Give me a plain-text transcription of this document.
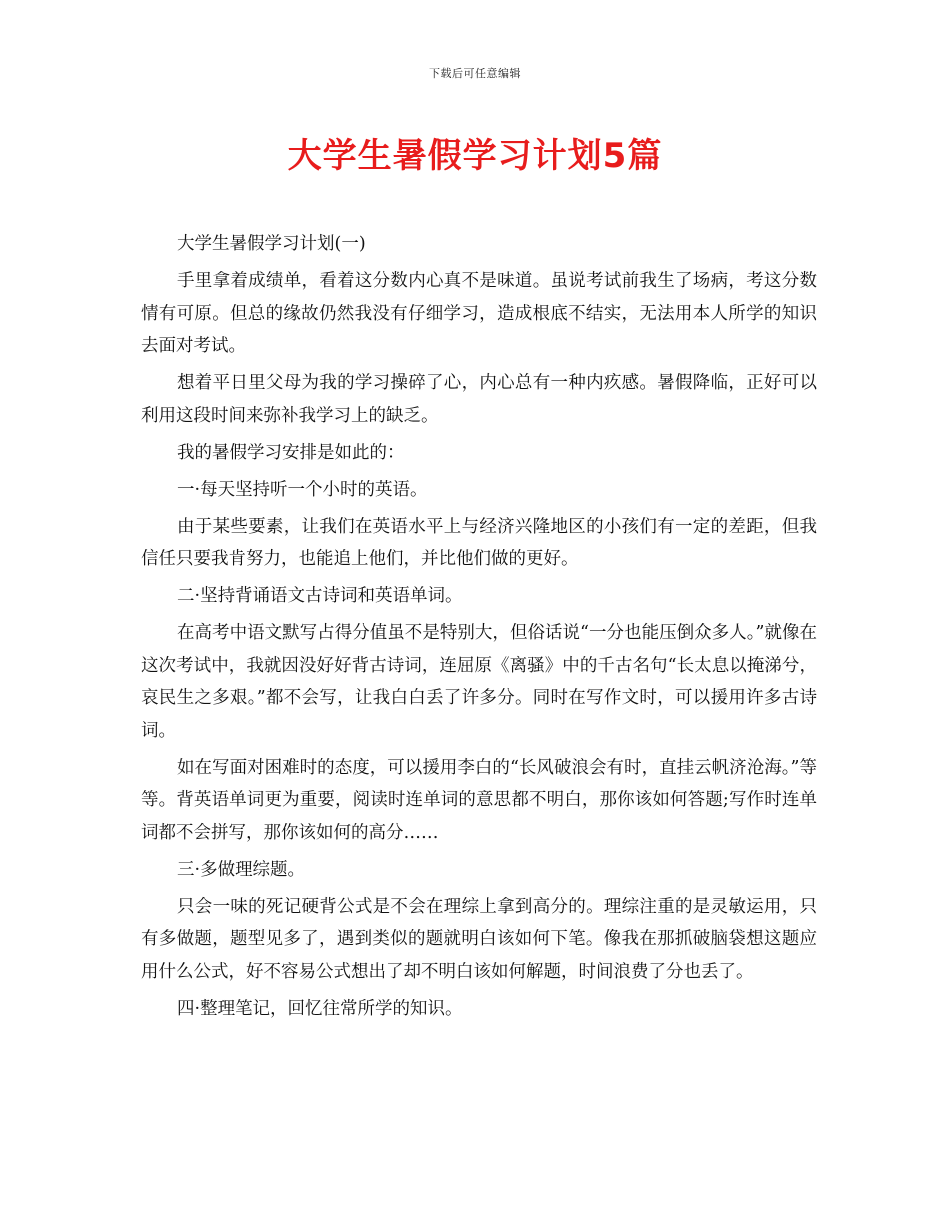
下载后可任意编辑
大学生暑假学习计划5篇

大学生暑假学习计划(一)

手里拿着成绩单，看着这分数内心真不是味道。虽说考试前我生了场病，考这分数情有可原。但总的缘故仍然我没有仔细学习，造成根底不结实，无法用本人所学的知识去面对考试。

想着平日里父母为我的学习操碎了心，内心总有一种内疚感。暑假降临，正好可以利用这段时间来弥补我学习上的缺乏。

我的暑假学习安排是如此的：

一·每天坚持听一个小时的英语。

由于某些要素，让我们在英语水平上与经济兴隆地区的小孩们有一定的差距，但我信任只要我肯努力，也能追上他们，并比他们做的更好。

二·坚持背诵语文古诗词和英语单词。

在高考中语文默写占得分值虽不是特别大，但俗话说“一分也能压倒众多人。”就像在这次考试中，我就因没好好背古诗词，连屈原《离骚》中的千古名句“长太息以掩涕兮，哀民生之多艰。”都不会写，让我白白丢了许多分。同时在写作文时，可以援用许多古诗词。

如在写面对困难时的态度，可以援用李白的“长风破浪会有时，直挂云帆济沧海。”等等。背英语单词更为重要，阅读时连单词的意思都不明白，那你该如何答题;写作时连单词都不会拼写，那你该如何的高分……

三·多做理综题。

只会一味的死记硬背公式是不会在理综上拿到高分的。理综注重的是灵敏运用，只有多做题，题型见多了，遇到类似的题就明白该如何下笔。像我在那抓破脑袋想这题应用什么公式，好不容易公式想出了却不明白该如何解题，时间浪费了分也丢了。

四·整理笔记，回忆往常所学的知识。
